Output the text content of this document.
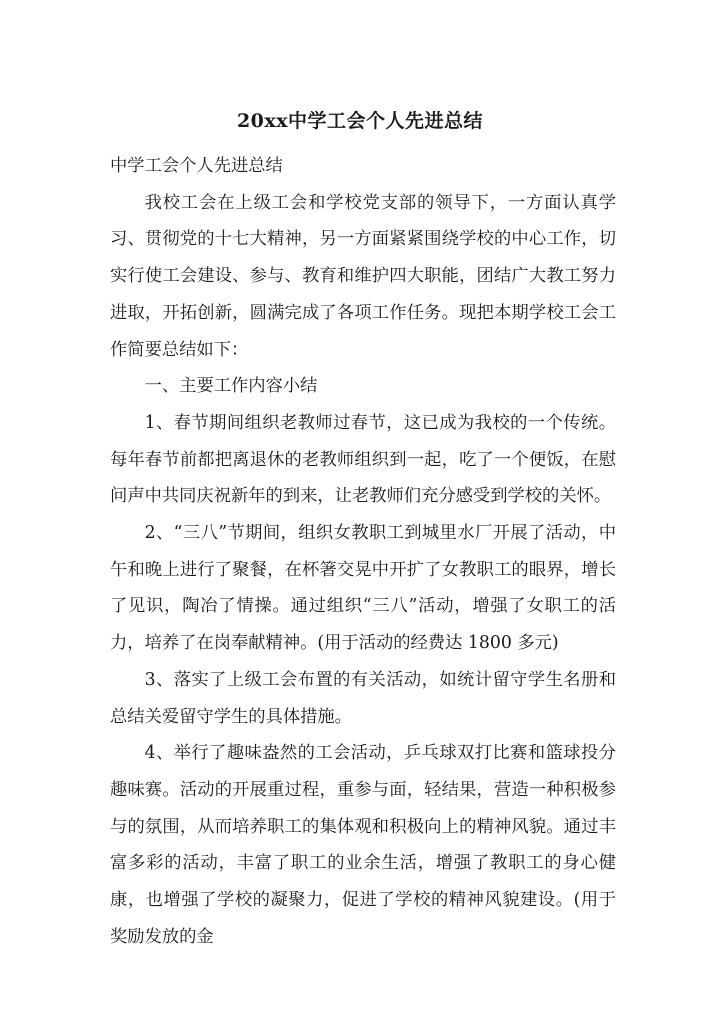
20xx中学工会个人先进总结

中学工会个人先进总结

我校工会在上级工会和学校党支部的领导下，一方面认真学习、贯彻党的十七大精神，另一方面紧紧围绕学校的中心工作，切实行使工会建设、参与、教育和维护四大职能，团结广大教工努力进取，开拓创新，圆满完成了各项工作任务。现把本期学校工会工作简要总结如下：

一、主要工作内容小结

1、春节期间组织老教师过春节，这已成为我校的一个传统。每年春节前都把离退休的老教师组织到一起，吃了一个便饭，在慰问声中共同庆祝新年的到来，让老教师们充分感受到学校的关怀。

2、“三八”节期间，组织女教职工到城里水厂开展了活动，中午和晚上进行了聚餐，在杯箸交晃中开扩了女教职工的眼界，增长了见识，陶冶了情操。通过组织“三八”活动，增强了女职工的活力，培养了在岗奉献精神。(用于活动的经费达 1800 多元)

3、落实了上级工会布置的有关活动，如统计留守学生名册和总结关爱留守学生的具体措施。

4、举行了趣味盎然的工会活动，乒乓球双打比赛和篮球投分趣味赛。活动的开展重过程，重参与面，轻结果，营造一种积极参与的氛围，从而培养职工的集体观和积极向上的精神风貌。通过丰富多彩的活动，丰富了职工的业余生活，增强了教职工的身心健康，也增强了学校的凝聚力，促进了学校的精神风貌建设。(用于奖励发放的金
